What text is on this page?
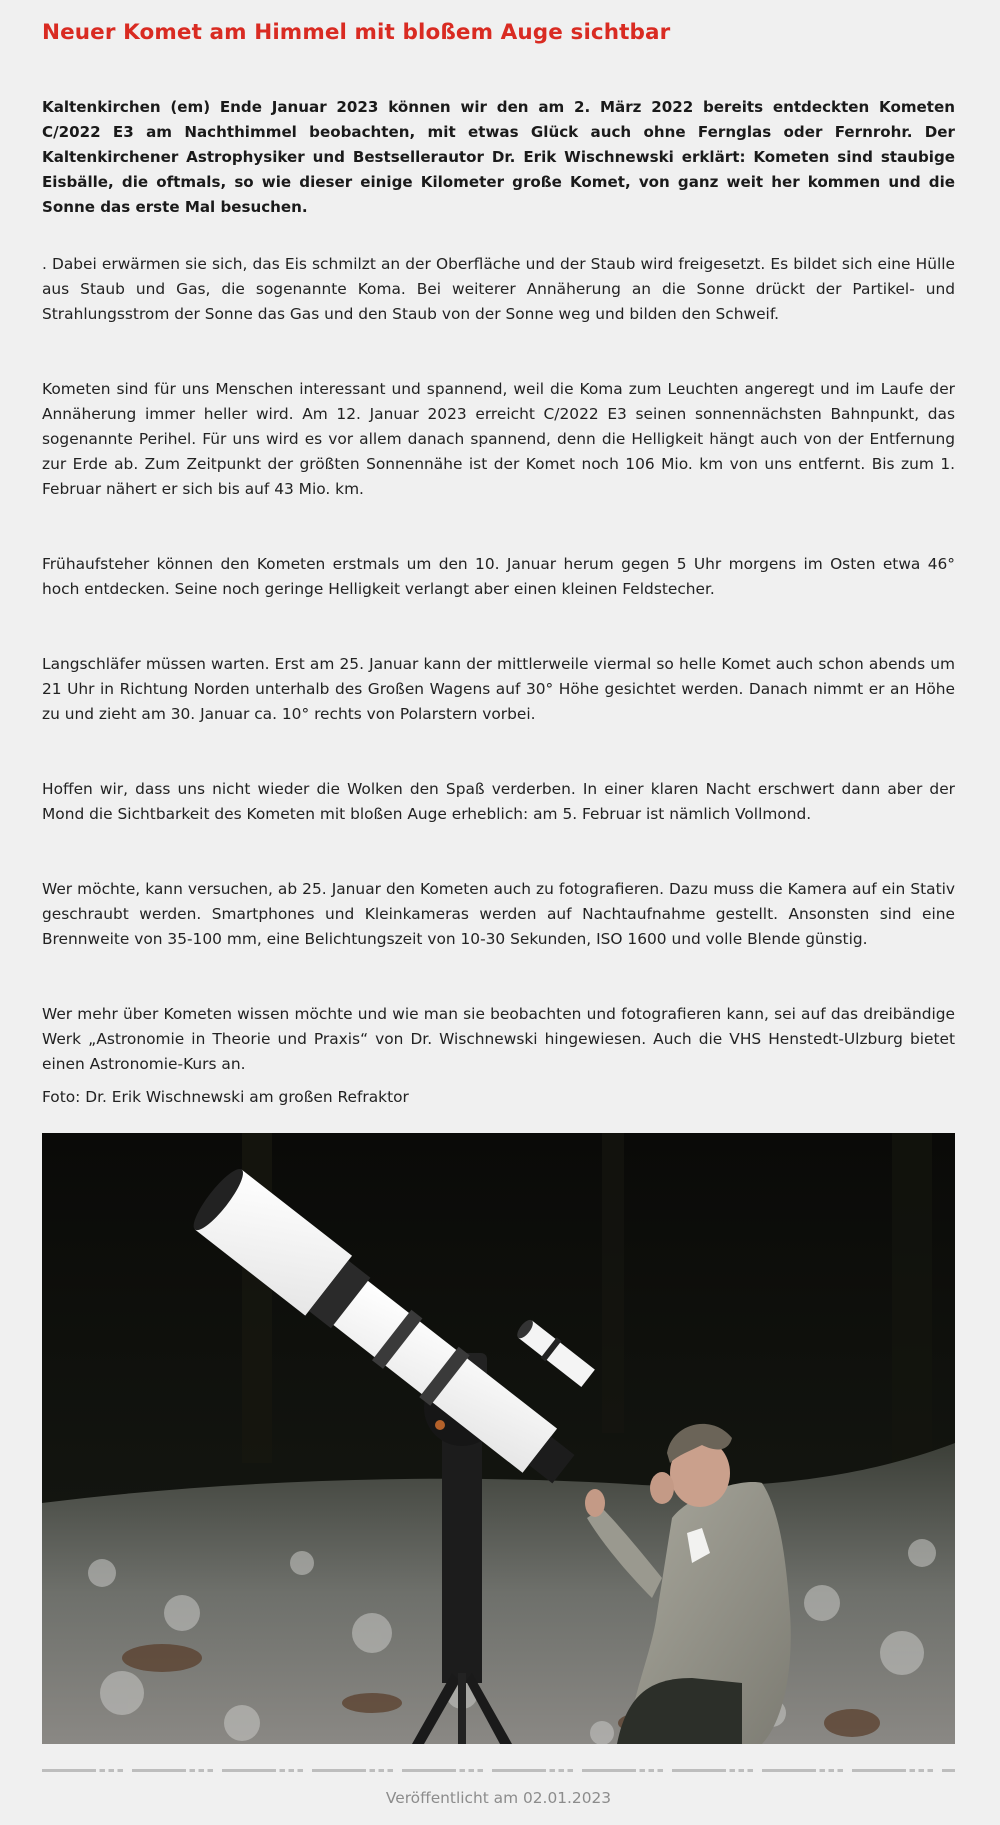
Neuer Komet am Himmel mit bloßem Auge sichtbar

Kaltenkirchen (em) Ende Januar 2023 können wir den am 2. März 2022 bereits entdeckten Kometen C/2022 E3 am Nachthimmel beobachten, mit etwas Glück auch ohne Fernglas oder Fernrohr. Der Kaltenkirchener Astrophysiker und Bestsellerautor Dr. Erik Wischnewski erklärt: Kometen sind staubige Eisbälle, die oftmals, so wie dieser einige Kilometer große Komet, von ganz weit her kommen und die Sonne das erste Mal besuchen.

. Dabei erwärmen sie sich, das Eis schmilzt an der Oberfläche und der Staub wird freigesetzt. Es bildet sich eine Hülle aus Staub und Gas, die sogenannte Koma. Bei weiterer Annäherung an die Sonne drückt der Partikel- und Strahlungsstrom der Sonne das Gas und den Staub von der Sonne weg und bilden den Schweif.

Kometen sind für uns Menschen interessant und spannend, weil die Koma zum Leuchten angeregt und im Laufe der Annäherung immer heller wird. Am 12. Januar 2023 erreicht C/2022 E3 seinen sonnennächsten Bahnpunkt, das sogenannte Perihel. Für uns wird es vor allem danach spannend, denn die Helligkeit hängt auch von der Entfernung zur Erde ab. Zum Zeitpunkt der größten Sonnennähe ist der Komet noch 106 Mio. km von uns entfernt. Bis zum 1. Februar nähert er sich bis auf 43 Mio. km.

Frühaufsteher können den Kometen erstmals um den 10. Januar herum gegen 5 Uhr morgens im Osten etwa 46° hoch entdecken. Seine noch geringe Helligkeit verlangt aber einen kleinen Feldstecher.

Langschläfer müssen warten. Erst am 25. Januar kann der mittlerweile viermal so helle Komet auch schon abends um 21 Uhr in Richtung Norden unterhalb des Großen Wagens auf 30° Höhe gesichtet werden. Danach nimmt er an Höhe zu und zieht am 30. Januar ca. 10° rechts von Polarstern vorbei.

Hoffen wir, dass uns nicht wieder die Wolken den Spaß verderben. In einer klaren Nacht erschwert dann aber der Mond die Sichtbarkeit des Kometen mit bloßen Auge erheblich: am 5. Februar ist nämlich Vollmond.

Wer möchte, kann versuchen, ab 25. Januar den Kometen auch zu fotografieren. Dazu muss die Kamera auf ein Stativ geschraubt werden. Smartphones und Kleinkameras werden auf Nachtaufnahme gestellt. Ansonsten sind eine Brennweite von 35-100 mm, eine Belichtungszeit von 10-30 Sekunden, ISO 1600 und volle Blende günstig.

Wer mehr über Kometen wissen möchte und wie man sie beobachten und fotografieren kann, sei auf das dreibändige Werk „Astronomie in Theorie und Praxis“ von Dr. Wischnewski hingewiesen. Auch die VHS Henstedt-Ulzburg bietet einen Astronomie-Kurs an.

Foto: Dr. Erik Wischnewski am großen Refraktor

Veröffentlicht am 02.01.2023
